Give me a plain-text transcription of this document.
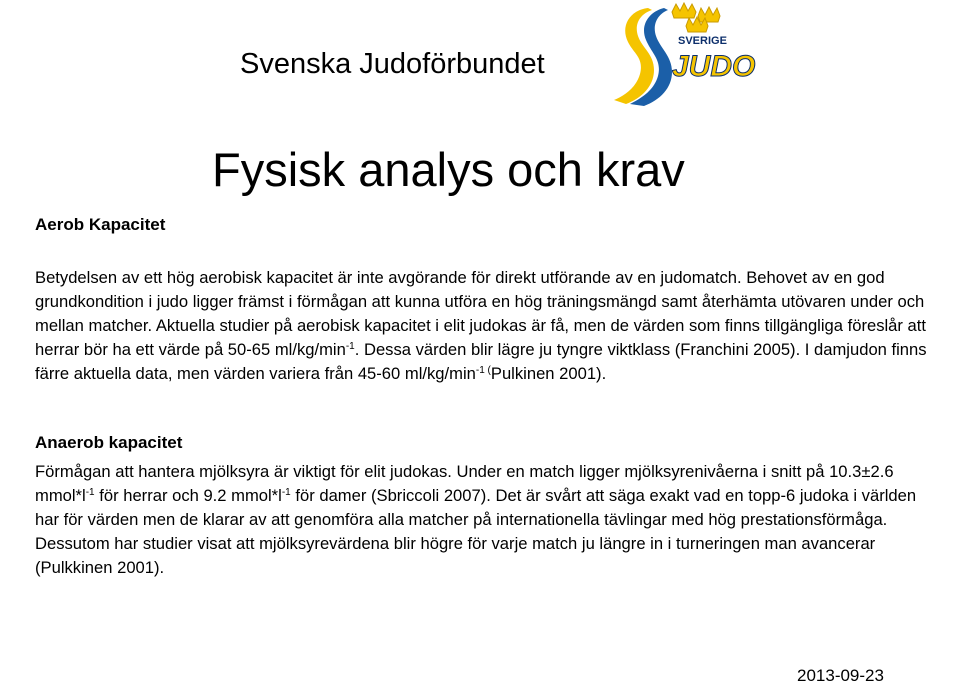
Svenska Judoförbundet
SVERIGE
JUDO
Fysisk analys och krav
Aerob Kapacitet

Betydelsen av ett hög aerobisk kapacitet är inte avgörande för direkt utförande av en judomatch. Behovet av en god grundkondition i judo ligger främst i förmågan att kunna utföra en hög träningsmängd samt återhämta utövaren under och mellan matcher. Aktuella studier på aerobisk kapacitet i elit judokas är få, men de värden som finns tillgängliga föreslår att herrar bör ha ett värde på 50-65 $ml/kg/\min^{-1}$. Dessa värden blir lägre ju tyngre viktklass (Franchini 2005). I damjudon finns färre aktuella data, men värden variera från 45-60 $ml/kg/\min^{-1 (}Pulkinen$ 2001).

Anaerob kapacitet

Förmågan att hantera mjölksyra är viktigt för elit judokas. Under en match ligger mjölksyrenivåerna i snitt på 10.3±2.6 $mmol*l^{-1}$ för herrar och 9.2 $mmol*l^{-1}$ för damer (Sbriccoli 2007). Det är svårt att säga exakt vad en topp-6 judoka i världen har för värden men de klarar av att genomföra alla matcher på internationella tävlingar med hög prestationsförmåga. Dessutom har studier visat att mjölksyrevärdena blir högre för varje match ju längre in i turneringen man avancerar (Pulkkinen 2001).

2013-09-23
